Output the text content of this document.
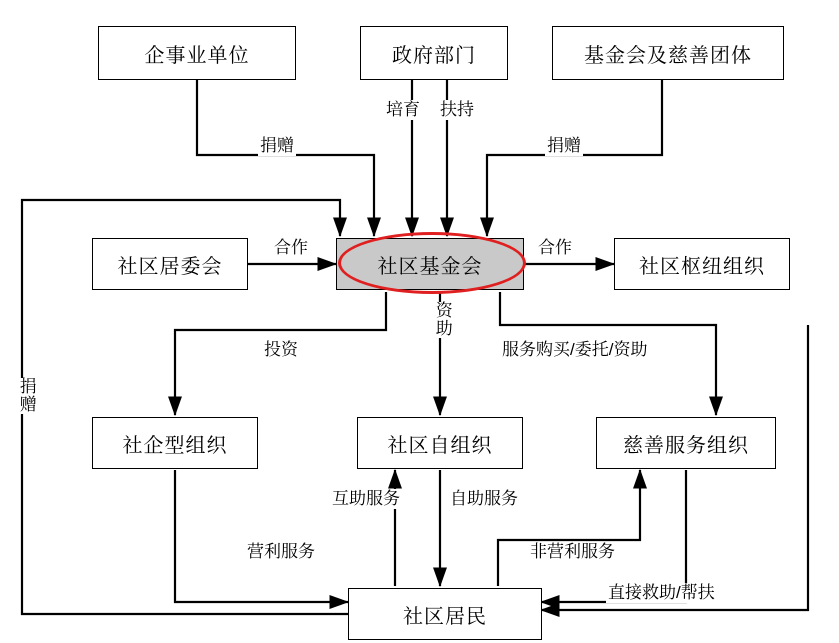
企事业单位	政府部门	基金会及慈善团体
社区居委会	社区基金会	社区枢纽组织
社企型组织	社区自组织	慈善服务组织
社区居民
捐赠
培育 扶持
捐赠
合作	合作
资助
投资	服务购买/委托/资助
捐赠
互助服务	自助服务
营利服务	非营利服务
直接救助/帮扶
